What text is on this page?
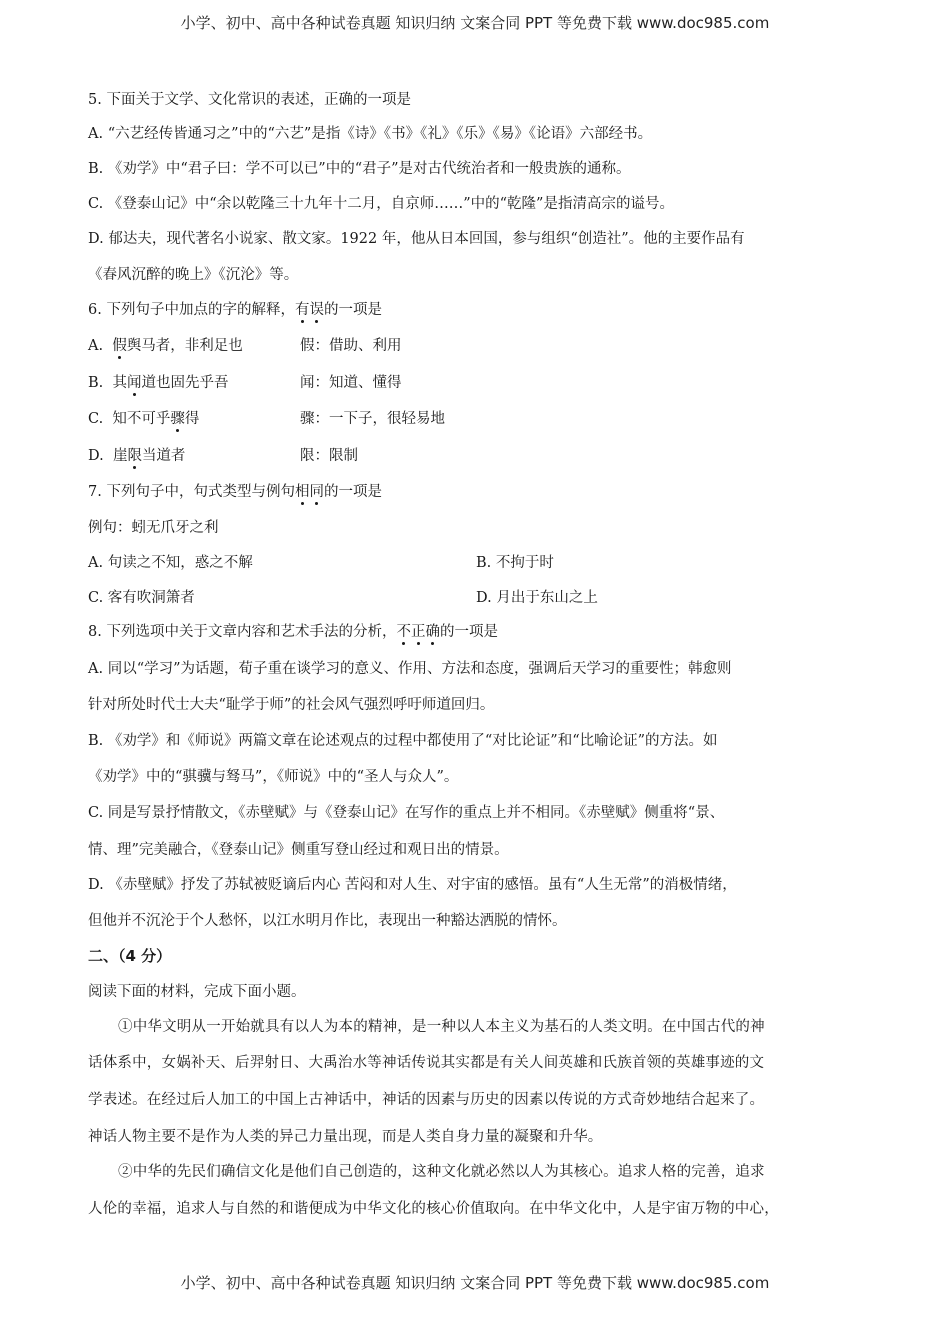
小学、初中、高中各种试卷真题 知识归纳 文案合同 PPT 等免费下载 www.doc985.com
5. 下面关于文学、文化常识的表述，正确的一项是
A. “六艺经传皆通习之”中的“六艺”是指《诗》《书》《礼》《乐》《易》《论语》六部经书。
B. 《劝学》中“君子曰：学不可以已”中的“君子”是对古代统治者和一般贵族的通称。
C. 《登泰山记》中“余以乾隆三十九年十二月，自京师……”中的“乾隆”是指清高宗的谥号。
D. 郁达夫，现代著名小说家、散文家。1922 年，他从日本回国，参与组织“创造社”。他的主要作品有
《春风沉醉的晚上》《沉沦》等。
6. 下列句子中加点的字的解释，有误的一项是
A. 假舆马者，非利足也	假：借助、利用
B. 其闻道也固先乎吾	闻：知道、懂得
C. 知不可乎骤得	骤：一下子，很轻易地
D. 崖限当道者	限：限制
7. 下列句子中，句式类型与例句相同的一项是
例句：蚓无爪牙之利
A. 句读之不知，惑之不解	B. 不拘于时
C. 客有吹洞箫者	D. 月出于东山之上
8. 下列选项中关于文章内容和艺术手法的分析，不正确的一项是
A. 同以“学习”为话题，荀子重在谈学习的意义、作用、方法和态度，强调后天学习的重要性；韩愈则
针对所处时代士大夫“耻学于师”的社会风气强烈呼吁师道回归。
B. 《劝学》和《师说》两篇文章在论述观点的过程中都使用了“对比论证”和“比喻论证”的方法。如
《劝学》中的“骐骥与驽马”，《师说》中的“圣人与众人”。
C. 同是写景抒情散文，《赤壁赋》与《登泰山记》在写作的重点上并不相同。《赤壁赋》侧重将“景、
情、理”完美融合，《登泰山记》侧重写登山经过和观日出的情景。
D. 《赤壁赋》抒发了苏轼被贬谪后内心 苦闷和对人生、对宇宙的感悟。虽有“人生无常”的消极情绪，
但他并不沉沦于个人愁怀，以江水明月作比，表现出一种豁达洒脱的情怀。
二、（4 分）
阅读下面的材料，完成下面小题。
①中华文明从一开始就具有以人为本的精神，是一种以人本主义为基石的人类文明。在中国古代的神
话体系中，女娲补天、后羿射日、大禹治水等神话传说其实都是有关人间英雄和氏族首领的英雄事迹的文
学表述。在经过后人加工的中国上古神话中，神话的因素与历史的因素以传说的方式奇妙地结合起来了。
神话人物主要不是作为人类的异己力量出现，而是人类自身力量的凝聚和升华。
②中华的先民们确信文化是他们自己创造的，这种文化就必然以人为其核心。追求人格的完善，追求
人伦的幸福，追求人与自然的和谐便成为中华文化的核心价值取向。在中华文化中，人是宇宙万物的中心，
小学、初中、高中各种试卷真题 知识归纳 文案合同 PPT 等免费下载 www.doc985.com
